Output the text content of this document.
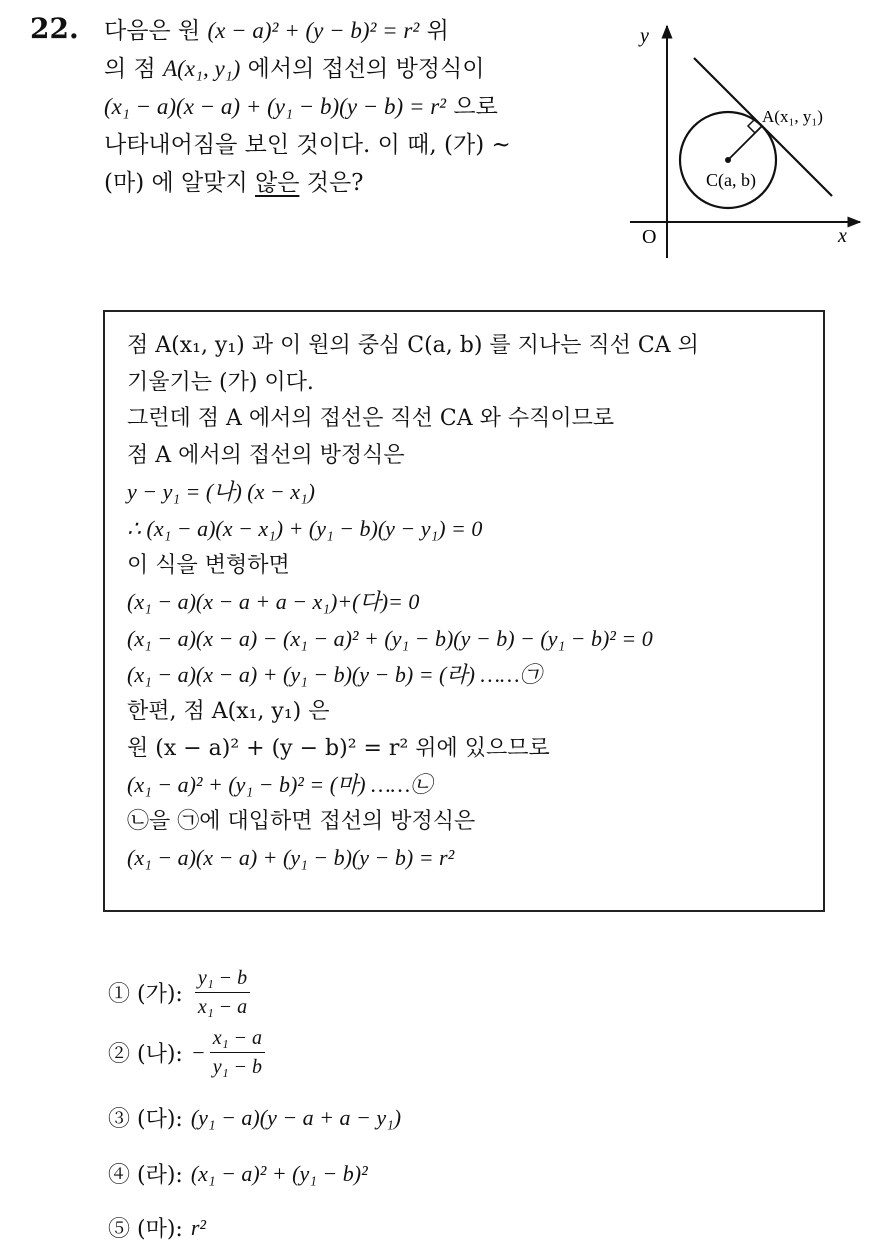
22. 다음은 원 (x − a)² + (y − b)² = r² 위
의 점 A(x₁, y₁) 에서의 접선의 방정식이
(x₁ − a)(x − a) + (y₁ − b)(y − b) = r² 으로
나타내어짐을 보인 것이다. 이 때, (가) ~
(마) 에 알맞지 않은 것은?
y
x
O
A(x₁, y₁)
C(a, b)
점 A(x₁, y₁) 과 이 원의 중심 C(a, b) 를 지나는 직선 CA 의
기울기는 (가) 이다.
그런데 점 A 에서의 접선은 직선 CA 와 수직이므로
점 A 에서의 접선의 방정식은
y − y₁ = (나) (x − x₁)
∴ (x₁ − a)(x − x₁) + (y₁ − b)(y − y₁) = 0
이 식을 변형하면
(x₁ − a)(x − a + a − x₁)+(다)= 0
(x₁ − a)(x − a) − (x₁ − a)² + (y₁ − b)(y − b) − (y₁ − b)² = 0
(x₁ − a)(x − a) + (y₁ − b)(y − b) = (라) ……㉠
한편, 점 A(x₁, y₁) 은
원 (x − a)² + (y − b)² = r² 위에 있으므로
(x₁ − a)² + (y₁ − b)² = (마) ……㉡
㉡을 ㉠에 대입하면 접선의 방정식은
(x₁ − a)(x − a) + (y₁ − b)(y − b) = r²
① (가): $\frac{\text{y₁ − b}}{\text{x₁ − a}}$
② (나): − $\frac{\text{x₁ − a}}{\text{y₁ − b}}$
③ (다): (y₁ − a)(y − a + a − y₁)
④ (라): (x₁ − a)² + (y₁ − b)²
⑤ (마): r²
